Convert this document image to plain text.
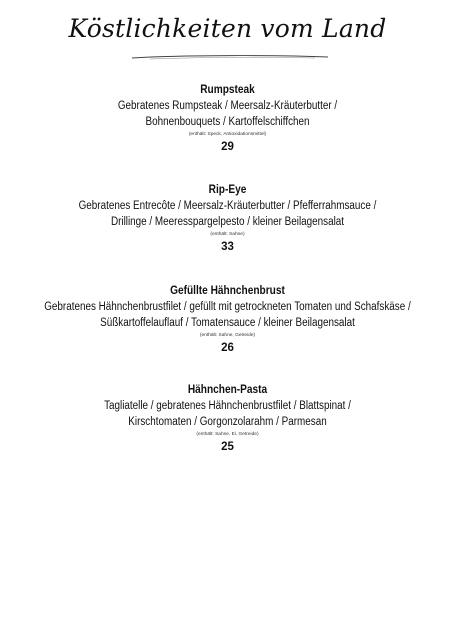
Köstlichkeiten vom Land
Rumpsteak
Gebratenes Rumpsteak / Meersalz-Kräuterbutter /
Bohnenbouquets / Kartoffelschiffchen
(enthält: Speck, Antioxidationsmittel)
29
Rip-Eye
Gebratenes Entrecôte / Meersalz-Kräuterbutter / Pfefferrahmsauce /
Drillinge / Meeresspargelpesto / kleiner Beilagensalat
(enthält: Sahne)
33
Gefüllte Hähnchenbrust
Gebratenes Hähnchenbrustfilet / gefüllt mit getrockneten Tomaten und Schafskäse /
Süßkartoffelauflauf / Tomatensauce / kleiner Beilagensalat
(enthält: Sahne, Getreide)
26
Hähnchen-Pasta
Tagliatelle / gebratenes Hähnchenbrustfilet / Blattspinat /
Kirschtomaten / Gorgonzolarahm / Parmesan
(enthält: Sahne, Ei, Getreide)
25
